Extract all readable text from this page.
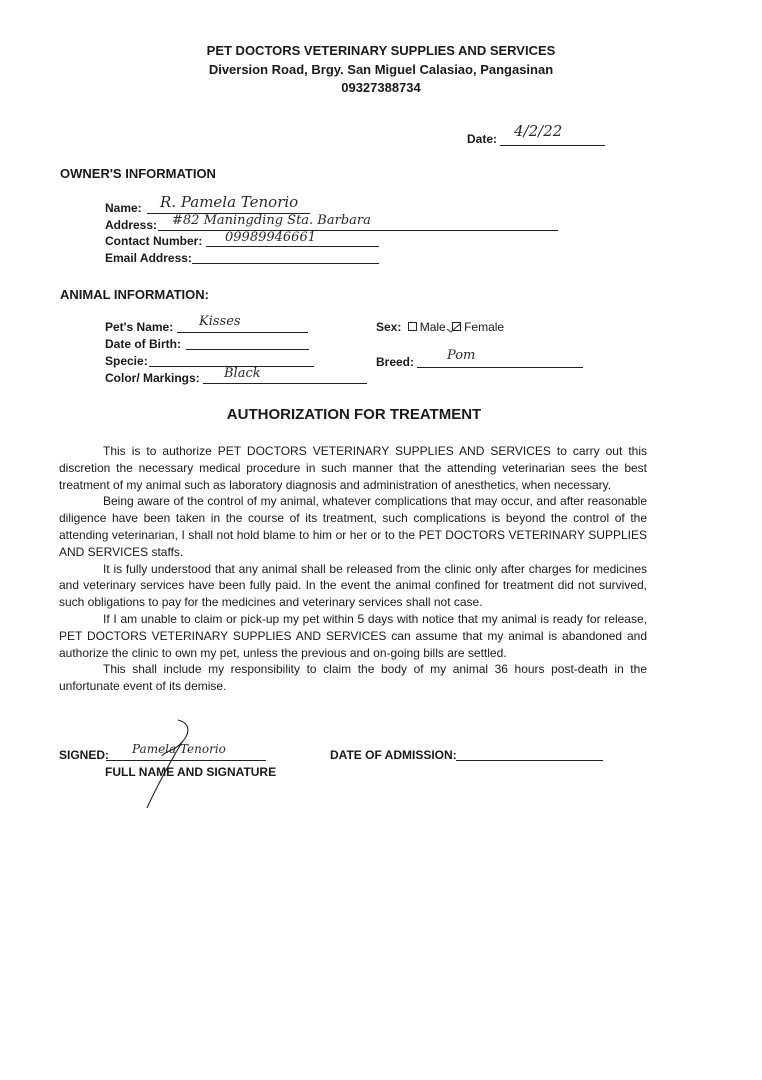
PET DOCTORS VETERINARY SUPPLIES AND SERVICES
Diversion Road, Brgy. San Miguel Calasiao, Pangasinan
09327388734
Date: 4/2/22
OWNER'S INFORMATION
Name: R. Pamela Tenorio
Address: #82 Maningding Sta. Barbara
Contact Number: 09989946661
Email Address:
ANIMAL INFORMATION:
Pet's Name: Kisses
Date of Birth:
Specie:
Color/ Markings: Black
Sex: Male Female
Breed:	Pom
AUTHORIZATION FOR TREATMENT

This is to authorize PET DOCTORS VETERINARY SUPPLIES AND SERVICES to carry out this discretion the necessary medical procedure in such manner that the attending veterinarian sees the best treatment of my animal such as laboratory diagnosis and administration of anesthetics, when necessary.

Being aware of the control of my animal, whatever complications that may occur, and after reasonable diligence have been taken in the course of its treatment, such complications is beyond the control of the attending veterinarian, I shall not hold blame to him or her or to the PET DOCTORS VETERINARY SUPPLIES AND SERVICES staffs.

It is fully understood that any animal shall be released from the clinic only after charges for medicines and veterinary services have been fully paid. In the event the animal confined for treatment did not survived, such obligations to pay for the medicines and veterinary services shall not case.

If I am unable to claim or pick-up my pet within 5 days with notice that my animal is ready for release, PET DOCTORS VETERINARY SUPPLIES AND SERVICES can assume that my animal is abandoned and authorize the clinic to own my pet, unless the previous and on-going bills are settled.

This shall include my responsibility to claim the body of my animal 36 hours post-death in the unfortunate event of its demise.

SIGNED: Pamela Tenorio
FULL NAME AND SIGNATURE
DATE OF ADMISSION:
